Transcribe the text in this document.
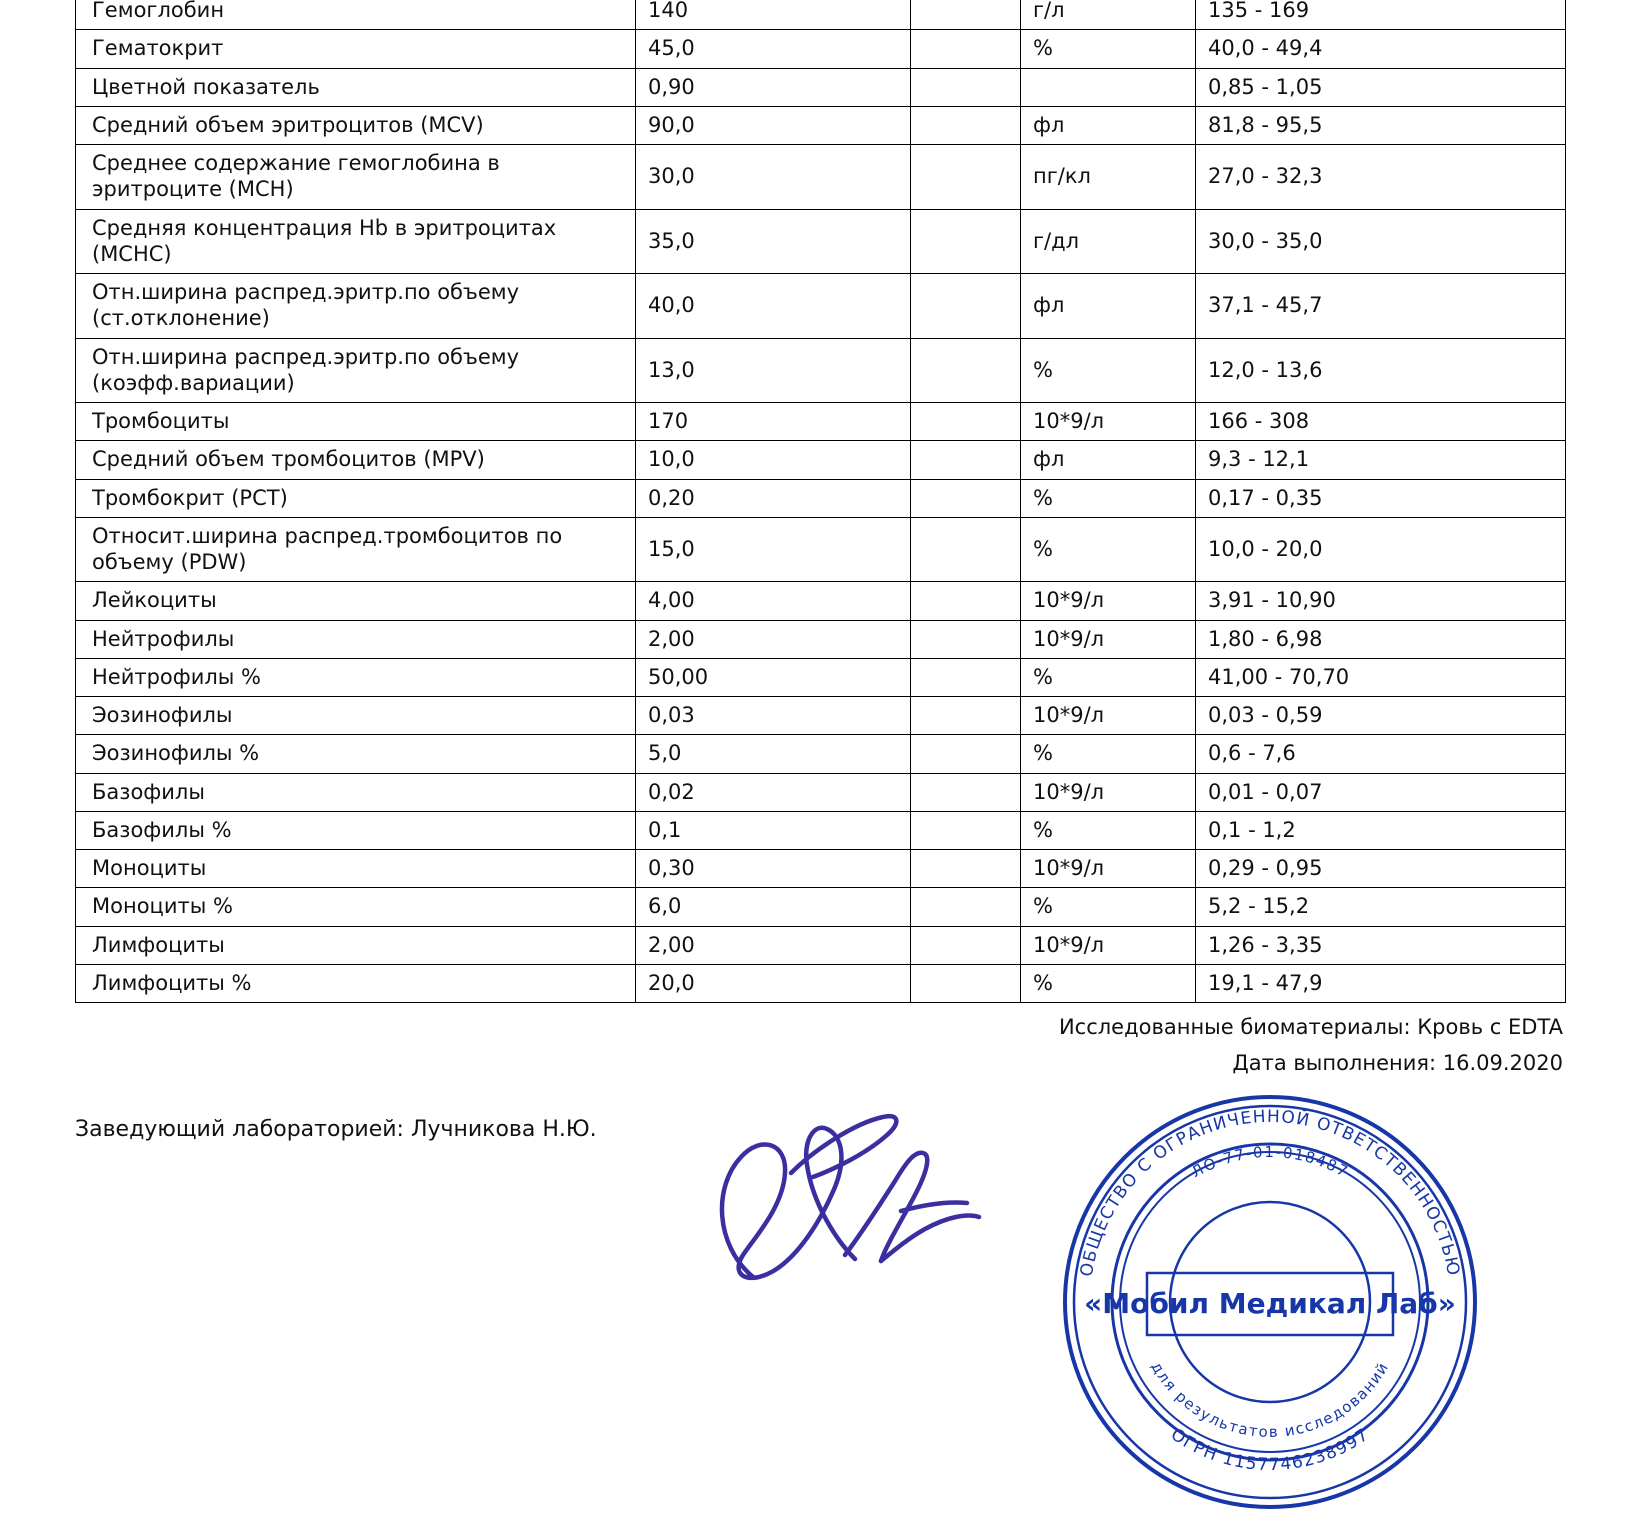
Гемоглобин	140		г/л	135 - 169
Гематокрит	45,0		%	40,0 - 49,4
Цветной показатель	0,90			0,85 - 1,05
Средний объем эритроцитов (MCV)	90,0		фл	81,8 - 95,5
Среднее содержание гемоглобина в эритроците (MCH)	30,0		пг/кл	27,0 - 32,3
Средняя концентрация Hb в эритроцитах (MCHC)	35,0		г/дл	30,0 - 35,0
Отн.ширина распред.эритр.по объему (ст.отклонение)	40,0		фл	37,1 - 45,7
Отн.ширина распред.эритр.по объему (коэфф.вариации)	13,0		%	12,0 - 13,6
Тромбоциты	170		10*9/л	166 - 308
Средний объем тромбоцитов (MPV)	10,0		фл	9,3 - 12,1
Тромбокрит (PCT)	0,20		%	0,17 - 0,35
Относит.ширина распред.тромбоцитов по объему (PDW)	15,0		%	10,0 - 20,0
Лейкоциты	4,00		10*9/л	3,91 - 10,90
Нейтрофилы	2,00		10*9/л	1,80 - 6,98
Нейтрофилы %	50,00		%	41,00 - 70,70
Эозинофилы	0,03		10*9/л	0,03 - 0,59
Эозинофилы %	5,0		%	0,6 - 7,6
Базофилы	0,02		10*9/л	0,01 - 0,07
Базофилы %	0,1		%	0,1 - 1,2
Моноциты	0,30		10*9/л	0,29 - 0,95
Моноциты %	6,0		%	5,2 - 15,2
Лимфоциты	2,00		10*9/л	1,26 - 3,35
Лимфоциты %	20,0		%	19,1 - 47,9
Исследованные биоматериалы: Кровь с EDTA
Дата выполнения: 16.09.2020
Заведующий лабораторией: Лучникова Н.Ю.
ОБЩЕСТВО С ОГРАНИЧЕННОЙ ОТВЕТСТВЕННОСТЬЮ
ОГРН 1157746238997
ЛО-77-01-018487
для результатов исследований
«Мобил Медикал Лаб»
